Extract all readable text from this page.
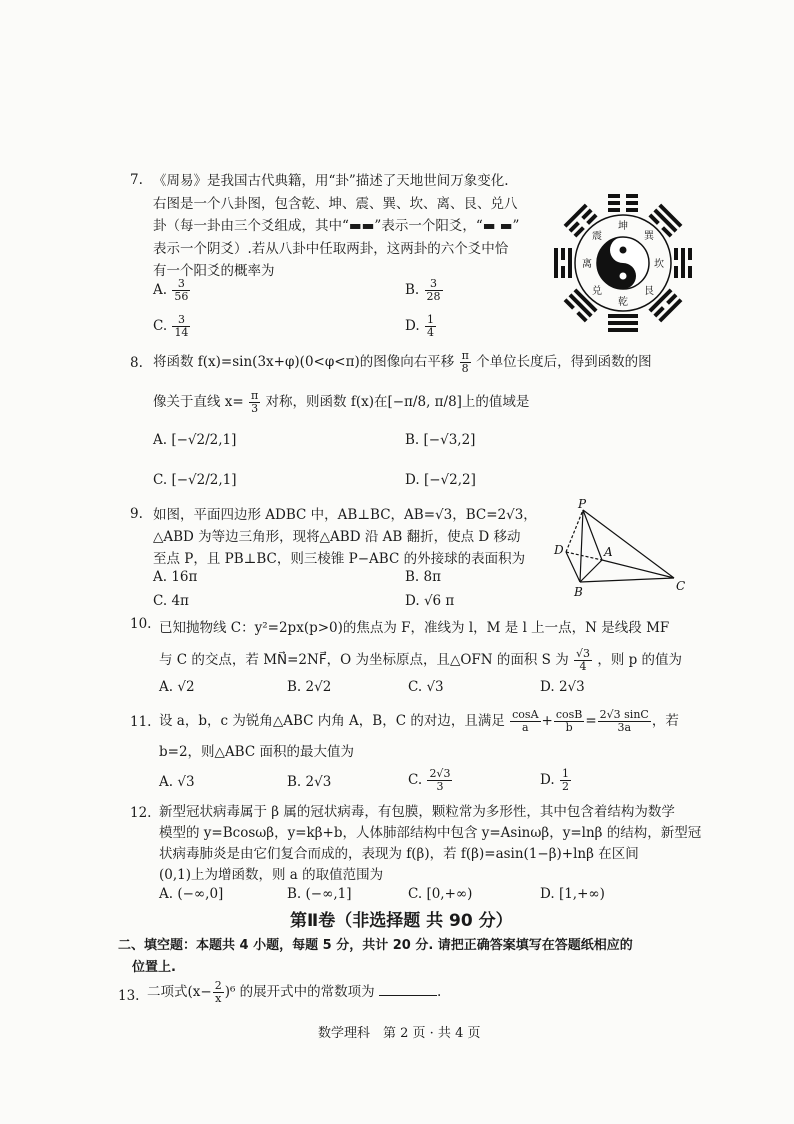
7. 《周易》是我国古代典籍，用“卦”描述了天地世间万象变化.
右图是一个八卦图，包含乾、坤、震、巽、坎、离、艮、兑八
卦（每一卦由三个爻组成，其中“▬▬”表示一个阳爻，“▬ ▬”
表示一个阴爻）.若从八卦中任取两卦，这两卦的六个爻中恰
有一个阳爻的概率为
A. $\frac{3}{56}$	B. $\frac{3}{28}$
C. $\frac{3}{14}$	D. $\frac{1}{4}$
坤
巽
坎
艮
乾
兑
离
震
8. 将函数 f(x)=sin(3x+φ)(0<φ<π)的图像向右平移 $\frac{\pi}{8}$ 个单位长度后，得到函数的图
像关于直线 $x= \frac{\pi}{3}$ 对称，则函数 f(x)在[−π/8, π/8]上的值域是
A. [−√2/2,1]	B. [−√3,2]
C. [−√2/2,1]	D. [−√2,2]
9. 如图，平面四边形 ADBC 中，AB⊥BC，AB=√3，BC=2√3，
△ABD 为等边三角形，现将△ABD 沿 AB 翻折，使点 D 移动
至点 P，且 PB⊥BC，则三棱锥 P−ABC 的外接球的表面积为
A. 16π	B. 8π
C. 4π	D. √6 π
P
D	A
B	C
10. 已知抛物线 C：y²=2px(p>0)的焦点为 F，准线为 l，M 是 l 上一点，N 是线段 MF
与 C 的交点，若 MN⃗=2NF⃗，O 为坐标原点，且△OFN 的面积 S 为 $\frac{√3}{4}$ ，则 p 的值为
A. √2	B. 2√2	C. √3	D. 2√3
11. 设 a，b，c 为锐角△ABC 内角 A，B，C 的对边，且满足 $\frac{\cos A}{a} + \frac{\cos B}{b} = \frac{2√3 \sin C}{3a}$ ，若
b=2，则△ABC 面积的最大值为
A. √3	B. 2√3	C. $\frac{2√3}{3}$	D. $\frac{1}{2}$
12. 新型冠状病毒属于 β 属的冠状病毒，有包膜，颗粒常为多形性，其中包含着结构为数学
模型的 y=Bcosωβ，y=kβ+b，人体肺部结构中包含 y=Asinωβ，y=lnβ 的结构，新型冠
状病毒肺炎是由它们复合而成的，表现为 f(β)，若 f(β)=asin(1−β)+lnβ 在区间
(0,1)上为增函数，则 a 的取值范围为
A. (−∞,0]	B. (−∞,1]	C. [0,+∞)	D. [1,+∞)
第Ⅱ卷（非选择题 共 90 分）
二、填空题：本题共 4 小题，每题 5 分，共计 20 分. 请把正确答案填写在答题纸相应的
位置上.
13. 二项式$(x- \frac{2}{x} )^6$ 的展开式中的常数项为	.
数学理科　第 2 页 · 共 4 页
